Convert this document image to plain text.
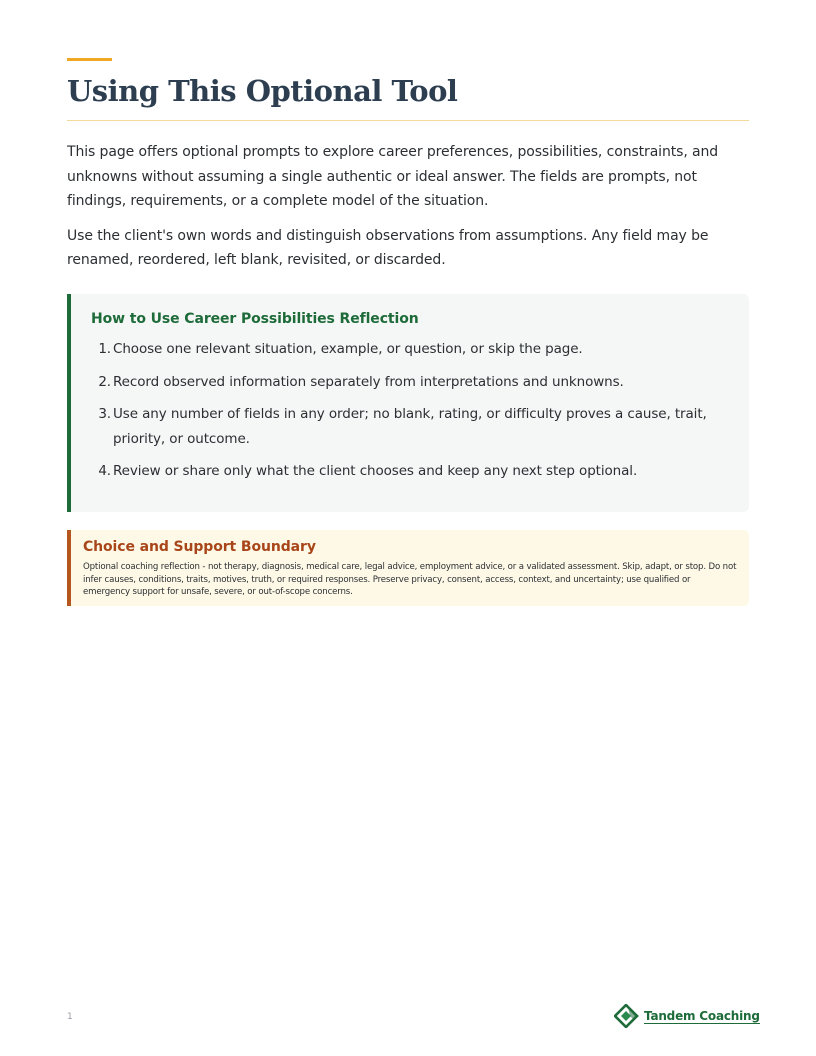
Using This Optional Tool

This page offers optional prompts to explore career preferences, possibilities, constraints, and unknowns without assuming a single authentic or ideal answer. The fields are prompts, not findings, requirements, or a complete model of the situation.

Use the client's own words and distinguish observations from assumptions. Any field may be renamed, reordered, left blank, revisited, or discarded.

How to Use Career Possibilities Reflection
1. Choose one relevant situation, example, or question, or skip the page.
2. Record observed information separately from interpretations and unknowns.
3. Use any number of fields in any order; no blank, rating, or difficulty proves a cause, trait, priority, or outcome.
4. Review or share only what the client chooses and keep any next step optional.
Choice and Support Boundary
Optional coaching reflection - not therapy, diagnosis, medical care, legal advice, employment advice, or a validated assessment. Skip, adapt, or stop. Do not infer causes, conditions, traits, motives, truth, or required responses. Preserve privacy, consent, access, context, and uncertainty; use qualified or emergency support for unsafe, severe, or out-of-scope concerns.
1	Tandem Coaching
